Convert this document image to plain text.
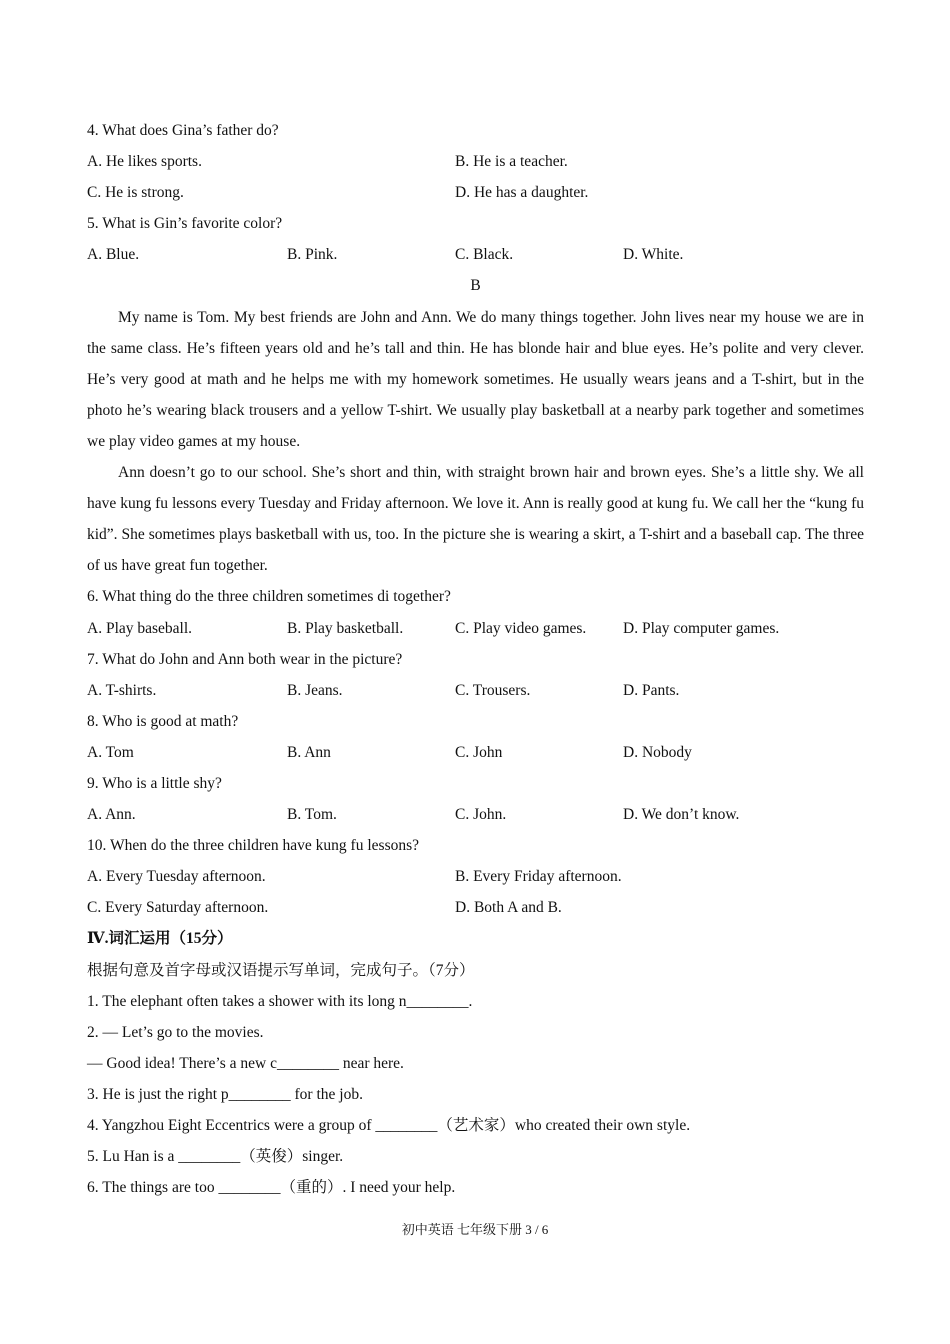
4. What does Gina’s father do?
A. He likes sports.	B. He is a teacher.
C. He is strong.	D. He has a daughter.
5. What is Gin’s favorite color?
A. Blue.	B. Pink.	C. Black.	D. White.
B

My name is Tom. My best friends are John and Ann. We do many things together. John lives near my house we are in the same class. He’s fifteen years old and he’s tall and thin. He has blonde hair and blue eyes. He’s polite and very clever. He’s very good at math and he helps me with my homework sometimes. He usually wears jeans and a T-shirt, but in the photo he’s wearing black trousers and a yellow T-shirt. We usually play basketball at a nearby park together and sometimes we play video games at my house.

Ann doesn’t go to our school. She’s short and thin, with straight brown hair and brown eyes. She’s a little shy. We all have kung fu lessons every Tuesday and Friday afternoon. We love it. Ann is really good at kung fu. We call her the “kung fu kid”. She sometimes plays basketball with us, too. In the picture she is wearing a skirt, a T-shirt and a baseball cap. The three of us have great fun together.

6. What thing do the three children sometimes di together?
A. Play baseball.	B. Play basketball.	C. Play video games.	D. Play computer games.
7. What do John and Ann both wear in the picture?
A. T-shirts.	B. Jeans.	C. Trousers.	D. Pants.
8. Who is good at math?
A. Tom	B. Ann	C. John	D. Nobody
9. Who is a little shy?
A. Ann.	B. Tom.	C. John.	D. We don’t know.
10. When do the three children have kung fu lessons?
A. Every Tuesday afternoon.	B. Every Friday afternoon.
C. Every Saturday afternoon.	D. Both A and B.
Ⅳ.词汇运用（15分）
根据句意及首字母或汉语提示写单词，完成句子。（7分）
1. The elephant often takes a shower with its long n________.
2. — Let’s go to the movies.
— Good idea! There’s a new c________ near here.
3. He is just the right p________ for the job.
4. Yangzhou Eight Eccentrics were a group of ________（艺术家）who created their own style.
5. Lu Han is a ________（英俊）singer.
6. The things are too ________（重的）. I need your help.
初中英语 七年级下册 3 / 6
